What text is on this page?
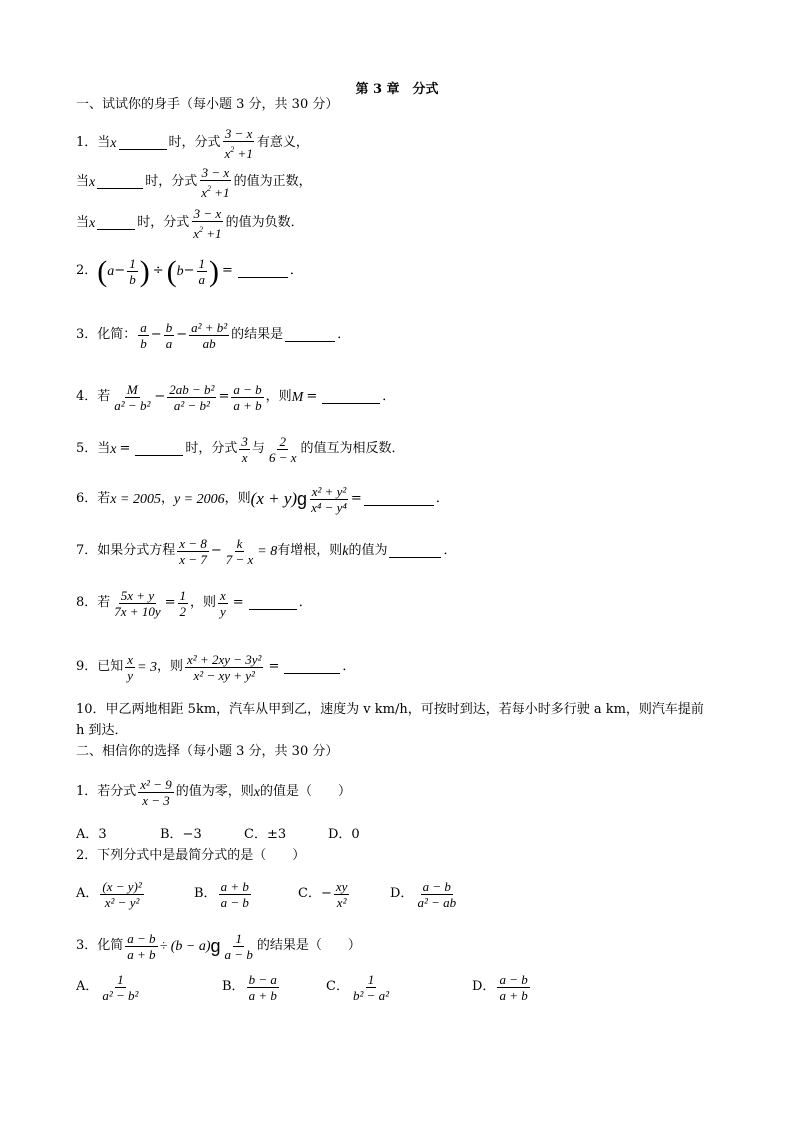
第 3 章　分式
一、试试你的身手（每小题 3 分，共 30 分）
1．当 x	时，分式 $\frac{3 - x}{x^2 +1}$ 有意义，
当 x	时，分式 $\frac{3 - x}{x^2 +1}$ 的值为正数，
当 x	时，分式 $\frac{3 - x}{x^2 +1}$ 的值为负数．
2． ( $a - \frac{1}{b}$ ) ÷ ( $b - \frac{1}{a}$ ) =	．
3．化简： $\frac{a}{b} - \frac{b}{a} - \frac{\text{a² + b²}}{ab}$ 的结果是	．
4．若 $\frac{M}{\text{a² − b²}} - \frac{\text{2ab − b²}}{\text{a² − b²}} = \frac{a - b}{a + b}$ ，则 M =	．
5．当 x =	时，分式 $\frac{3}{x}$ 与 $\frac{2}{6 - x}$ 的值互为相反数．
6．若 x = 2005 ， y = 2006 ，则 (x + y) g $\frac{\text{x² + y²}}{\text{x⁴ − y⁴}}$ =	．
7．如果分式方程 $\frac{x - 8}{x - 7} - \frac{k}{7 - x} = 8$ 有增根，则 k 的值为	．
8．若 $\frac{5x + y}{7x + 10y} = \frac{1}{2}$ ，则 $\frac{x}{y}$ =	．
9．已知 $\frac{x}{y} = 3$ ，则 $\frac{\text{x² + 2xy − 3y²}}{\text{x² − xy + y²}}$ =	．
10．甲乙两地相距 5km，汽车从甲到乙，速度为 v km/h，可按时到达，若每小时多行驶 a km，则汽车提前
h 到达．
二、相信你的选择（每小题 3 分，共 30 分）
1．若分式 $\frac{\text{x² − 9}}{x - 3}$ 的值为零，则 x 的值是（　　）
A．3	B．−3	C．±3	D．0
2．下列分式中是最简分式的是（　　）
A． $\frac{\text{(x − y)²}}{\text{x² − y²}}$	B． $\frac{a + b}{a - b}$	C． − $\frac{xy}{\text{x²}}$	D． $\frac{a - b}{\text{a² − ab}}$
3．化简 $\frac{a - b}{a + b} \div (b - a)$ g $\frac{1}{a - b}$ 的结果是（　　）
A． $\frac{1}{\text{a² − b²}}$	B． $\frac{b - a}{a + b}$	C． $\frac{1}{\text{b² − a²}}$	D． $\frac{a - b}{a + b}$
